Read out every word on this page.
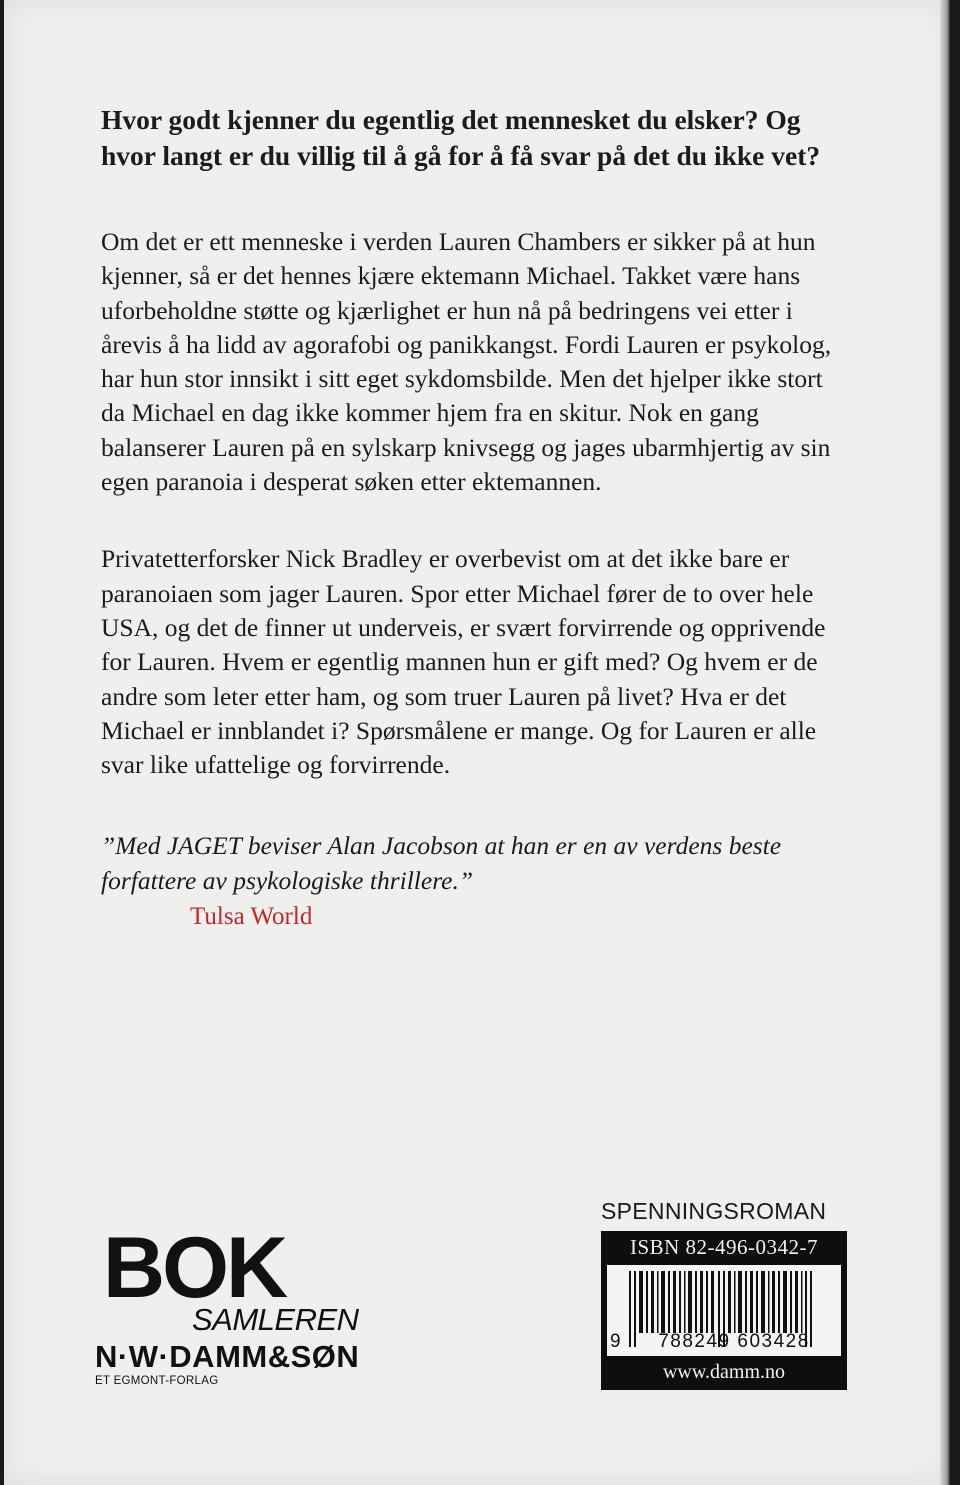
Hvor godt kjenner du egentlig det mennesket du elsker? Og hvor langt er du villig til å gå for å få svar på det du ikke vet?

Om det er ett menneske i verden Lauren Chambers er sikker på at hun kjenner, så er det hennes kjære ektemann Michael. Takket være hans uforbeholdne støtte og kjærlighet er hun nå på bedringens vei etter i årevis å ha lidd av agorafobi og panikkangst. Fordi Lauren er psykolog, har hun stor innsikt i sitt eget sykdomsbilde. Men det hjelper ikke stort da Michael en dag ikke kommer hjem fra en skitur. Nok en gang balanserer Lauren på en sylskarp knivsegg og jages ubarmhjertig av sin egen paranoia i desperat søken etter ektemannen.

Privatetterforsker Nick Bradley er overbevist om at det ikke bare er paranoiaen som jager Lauren. Spor etter Michael fører de to over hele USA, og det de finner ut underveis, er svært forvirrende og opprivende for Lauren. Hvem er egentlig mannen hun er gift med? Og hvem er de andre som leter etter ham, og som truer Lauren på livet? Hva er det Michael er innblandet i? Spørsmålene er mange. Og for Lauren er alle svar like ufattelige og forvirrende.

”Med JAGET beviser Alan Jacobson at han er en av verdens beste forfattere av psykologiske thrillere.”

Tulsa World
BOK
SAMLEREN
N·W·DAMM&SØN
ET EGMONT-FORLAG
SPENNINGSROMAN
ISBN 82-496-0342-7
9	788249 603428
www.damm.no
